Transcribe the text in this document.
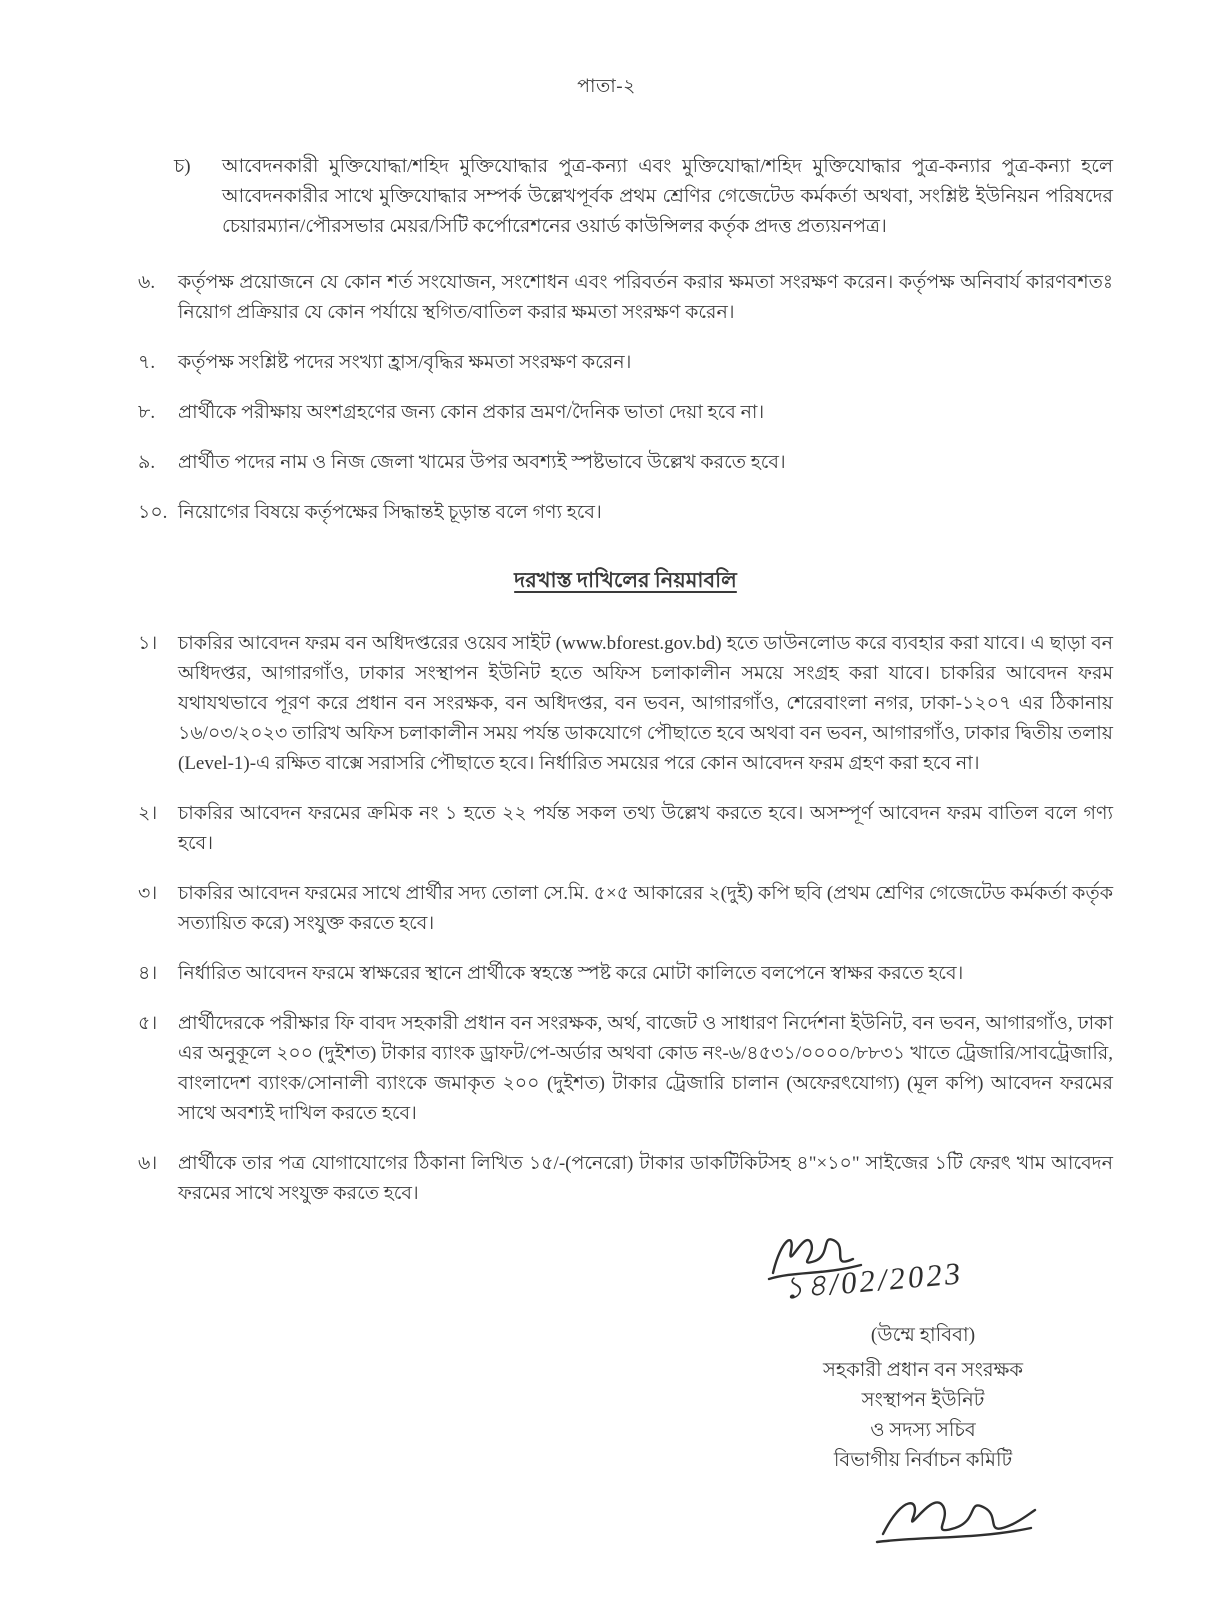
পাতা-২
চ)	আবেদনকারী মুক্তিযোদ্ধা/শহিদ মুক্তিযোদ্ধার পুত্র-কন্যা এবং মুক্তিযোদ্ধা/শহিদ মুক্তিযোদ্ধার পুত্র-কন্যার পুত্র-কন্যা হলে আবেদনকারীর সাথে মুক্তিযোদ্ধার সম্পর্ক উল্লেখপূর্বক প্রথম শ্রেণির গেজেটেড কর্মকর্তা অথবা, সংশ্লিষ্ট ইউনিয়ন পরিষদের চেয়ারম্যান/পৌরসভার মেয়র/সিটি কর্পোরেশনের ওয়ার্ড কাউন্সিলর কর্তৃক প্রদত্ত প্রত্যয়নপত্র।
৬.	কর্তৃপক্ষ প্রয়োজনে যে কোন শর্ত সংযোজন, সংশোধন এবং পরিবর্তন করার ক্ষমতা সংরক্ষণ করেন। কর্তৃপক্ষ অনিবার্য কারণবশতঃ নিয়োগ প্রক্রিয়ার যে কোন পর্যায়ে স্থগিত/বাতিল করার ক্ষমতা সংরক্ষণ করেন।
৭.	কর্তৃপক্ষ সংশ্লিষ্ট পদের সংখ্যা হ্রাস/বৃদ্ধির ক্ষমতা সংরক্ষণ করেন।
৮.	প্রার্থীকে পরীক্ষায় অংশগ্রহণের জন্য কোন প্রকার ভ্রমণ/দৈনিক ভাতা দেয়া হবে না।
৯.	প্রার্থীত পদের নাম ও নিজ জেলা খামের উপর অবশ্যই স্পষ্টভাবে উল্লেখ করতে হবে।
১০. নিয়োগের বিষয়ে কর্তৃপক্ষের সিদ্ধান্তই চূড়ান্ত বলে গণ্য হবে।
দরখাস্ত দাখিলের নিয়মাবলি
১।	চাকরির আবেদন ফরম বন অধিদপ্তরের ওয়েব সাইট (www.bforest.gov.bd) হতে ডাউনলোড করে ব্যবহার করা যাবে। এ ছাড়া বন অধিদপ্তর, আগারগাঁও, ঢাকার সংস্থাপন ইউনিট হতে অফিস চলাকালীন সময়ে সংগ্রহ করা যাবে। চাকরির আবেদন ফরম যথাযথভাবে পূরণ করে প্রধান বন সংরক্ষক, বন অধিদপ্তর, বন ভবন, আগারগাঁও, শেরেবাংলা নগর, ঢাকা-১২০৭ এর ঠিকানায় ১৬/০৩/২০২৩ তারিখ অফিস চলাকালীন সময় পর্যন্ত ডাকযোগে পৌছাতে হবে অথবা বন ভবন, আগারগাঁও, ঢাকার দ্বিতীয় তলায় (Level-1)-এ রক্ষিত বাক্সে সরাসরি পৌছাতে হবে। নির্ধারিত সময়ের পরে কোন আবেদন ফরম গ্রহণ করা হবে না।
২।	চাকরির আবেদন ফরমের ক্রমিক নং ১ হতে ২২ পর্যন্ত সকল তথ্য উল্লেখ করতে হবে। অসম্পূর্ণ আবেদন ফরম বাতিল বলে গণ্য হবে।
৩।	চাকরির আবেদন ফরমের সাথে প্রার্থীর সদ্য তোলা সে.মি. ৫×৫ আকারের ২(দুই) কপি ছবি (প্রথম শ্রেণির গেজেটেড কর্মকর্তা কর্তৃক সত্যায়িত করে) সংযুক্ত করতে হবে।
৪।	নির্ধারিত আবেদন ফরমে স্বাক্ষরের স্থানে প্রার্থীকে স্বহস্তে স্পষ্ট করে মোটা কালিতে বলপেনে স্বাক্ষর করতে হবে।
৫।	প্রার্থীদেরকে পরীক্ষার ফি বাবদ সহকারী প্রধান বন সংরক্ষক, অর্থ, বাজেট ও সাধারণ নির্দেশনা ইউনিট, বন ভবন, আগারগাঁও, ঢাকা এর অনুকূলে ২০০ (দুইশত) টাকার ব্যাংক ড্রাফট/পে-অর্ডার অথবা কোড নং-৬/৪৫৩১/০০০০/৮৮৩১ খাতে ট্রেজারি/সাবট্রেজারি, বাংলাদেশ ব্যাংক/সোনালী ব্যাংকে জমাকৃত ২০০ (দুইশত) টাকার ট্রেজারি চালান (অফেরৎযোগ্য) (মূল কপি) আবেদন ফরমের সাথে অবশ্যই দাখিল করতে হবে।
৬।	প্রার্থীকে তার পত্র যোগাযোগের ঠিকানা লিখিত ১৫/-(পনেরো) টাকার ডাকটিকিটসহ ৪"×১০" সাইজের ১টি ফেরৎ খাম আবেদন ফরমের সাথে সংযুক্ত করতে হবে।
১৪/02/2023
(উম্মে হাবিবা)
সহকারী প্রধান বন সংরক্ষক
সংস্থাপন ইউনিট
ও সদস্য সচিব
বিভাগীয় নির্বাচন কমিটি
